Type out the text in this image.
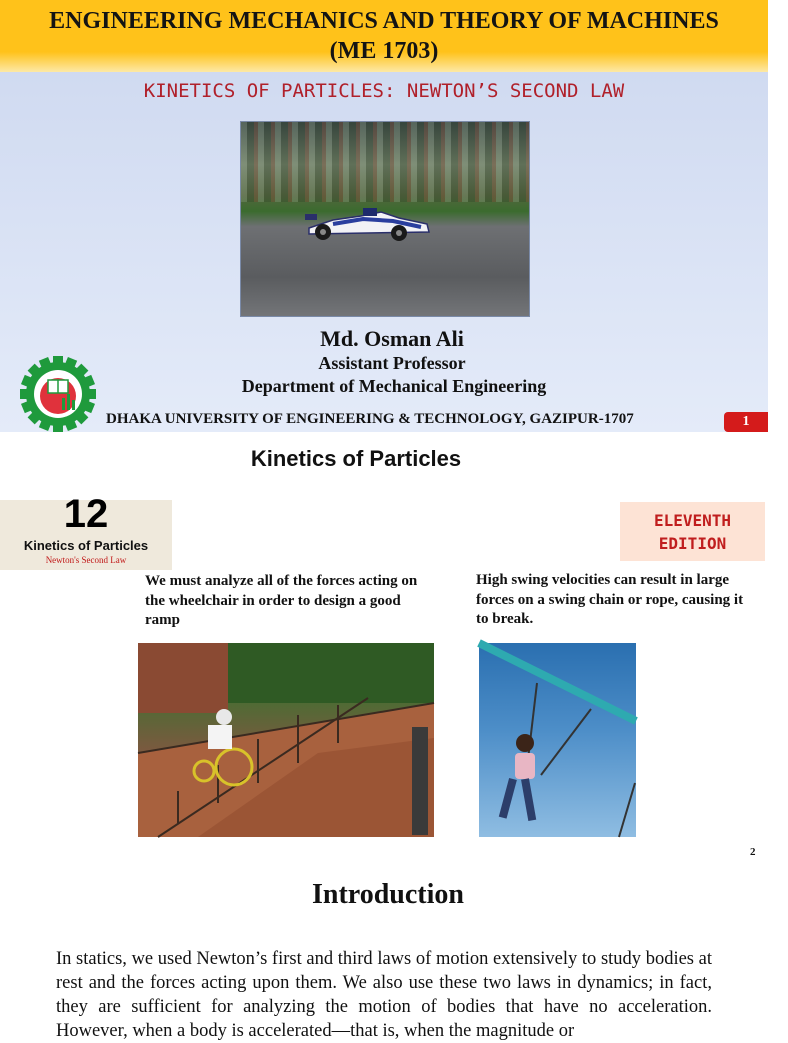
ENGINEERING MECHANICS AND THEORY OF MACHINES
(ME 1703)
KINETICS OF PARTICLES: NEWTON’S SECOND LAW
Md. Osman Ali
Assistant Professor
Department of Mechanical Engineering
DHAKA UNIVERSITY OF ENGINEERING & TECHNOLOGY, GAZIPUR-1707	1
Kinetics of Particles
12
Kinetics of Particles
Newton's Second Law
ELEVENTH
EDITION
We must analyze all of the forces acting on the wheelchair in order to design a good ramp
High swing velocities can result in large forces on a swing chain or rope, causing it to break.
2
Introduction
In statics, we used Newton’s first and third laws of motion extensively to study bodies at rest and the forces acting upon them. We also use these two laws in dynamics; in fact, they are sufficient for analyzing the motion of bodies that have no acceleration. However, when a body is accelerated—that is, when the magnitude or
